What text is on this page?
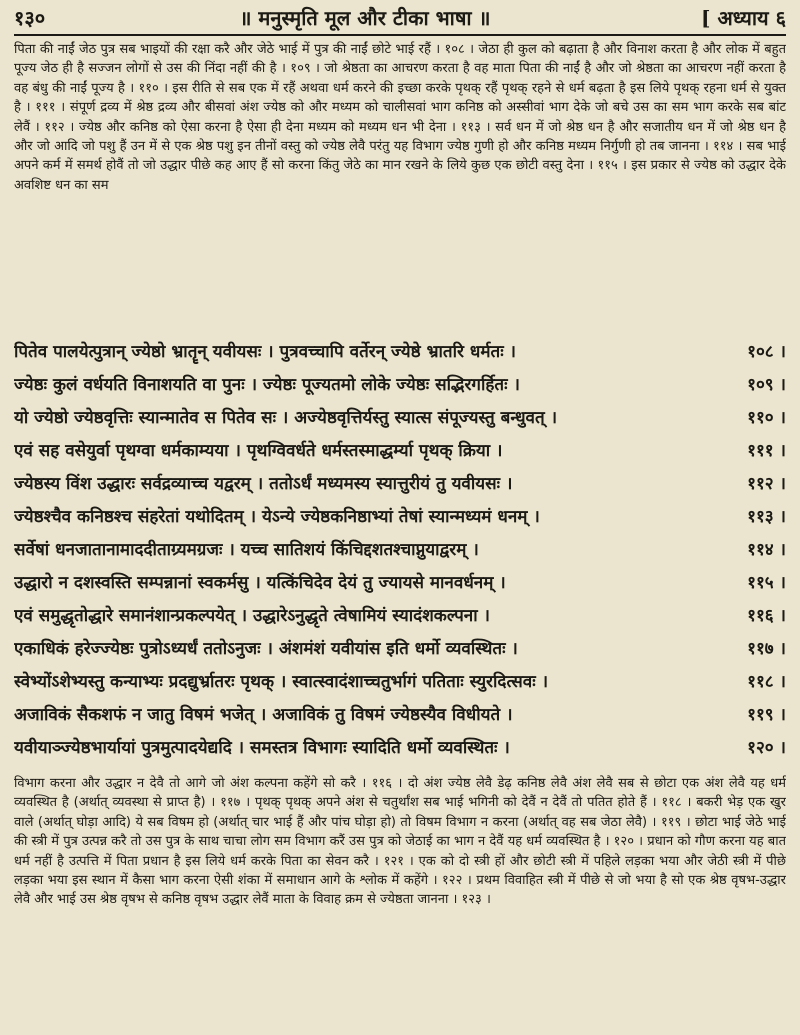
१३०	॥ मनुस्मृति मूल और टीका भाषा ॥	[ अध्याय ६
पिता की नाईं जेठ पुत्र सब भाइयों की रक्षा करै और जेठे भाई में पुत्र की नाईं छोटे भाई रहैं । १०८ । जेठा ही कुल को बढ़ाता है और विनाश करता है और लोक में बहुत पूज्य जेठ ही है सज्जन लोगों से उस की निंदा नहीं की है । १०९ । जो श्रेष्ठता का आचरण करता है वह माता पिता की नाईं है और जो श्रेष्ठता का आचरण नहीं करता है वह बंधु की नाईं पूज्य है । ११० । इस रीति से सब एक में रहैं अथवा धर्म करने की इच्छा करके पृथक् रहैं पृथक् रहने से धर्म बढ़ता है इस लिये पृथक् रहना धर्म से युक्त है । १११ । संपूर्ण द्रव्य में श्रेष्ठ द्रव्य और बीसवां अंश ज्येष्ठ को और मध्यम को चालीसवां भाग कनिष्ठ को अस्सीवां भाग देके जो बचे उस का सम भाग करके सब बांट लेवैं । ११२ । ज्येष्ठ और कनिष्ठ को ऐसा करना है ऐसा ही देना मध्यम को मध्यम धन भी देना । ११३ । सर्व धन में जो श्रेष्ठ धन है और सजातीय धन में जो श्रेष्ठ धन है और जो आदि जो पशु हैं उन में से एक श्रेष्ठ पशु इन तीनों वस्तु को ज्येष्ठ लेवै परंतु यह विभाग ज्येष्ठ गुणी हो और कनिष्ठ मध्यम निर्गुणी हो तब जानना । ११४ । सब भाई अपने कर्म में समर्थ होवैं तो जो उद्धार पीछे कह आए हैं सो करना किंतु जेठे का मान रखने के लिये कुछ एक छोटी वस्तु देना । ११५ । इस प्रकार से ज्येष्ठ को उद्धार देके अवशिष्ट धन का सम
पितेव पालयेत्पुत्रान् ज्येष्ठो भ्रातॄन् यवीयसः । पुत्रवच्चापि वर्तेरन् ज्येष्ठे भ्रातरि धर्मतः ।	१०८ ।
ज्येष्ठः कुलं वर्धयति विनाशयति वा पुनः । ज्येष्ठः पूज्यतमो लोके ज्येष्ठः सद्भिरगर्हितः ।	१०९ ।
यो ज्येष्ठो ज्येष्ठवृत्तिः स्यान्मातेव स पितेव सः । अज्येष्ठवृत्तिर्यस्तु स्यात्स संपूज्यस्तु बन्धुवत् ।	११० ।
एवं सह वसेयुर्वा पृथग्वा धर्मकाम्यया । पृथग्विवर्धते धर्मस्तस्माद्धर्म्या पृथक् क्रिया ।	१११ ।
ज्येष्ठस्य विंश उद्धारः सर्वद्रव्याच्च यद्वरम् । ततोऽर्धं मध्यमस्य स्यात्तुरीयं तु यवीयसः ।	११२ ।
ज्येष्ठश्चैव कनिष्ठश्च संहरेतां यथोदितम् । येऽन्ये ज्येष्ठकनिष्ठाभ्यां तेषां स्यान्मध्यमं धनम् ।	११३ ।
सर्वेषां धनजातानामाददीताग्र्यमग्रजः । यच्च सातिशयं किंचिद्दशतश्चाप्नुयाद्वरम् ।	११४ ।
उद्धारो न दशस्वस्ति सम्पन्नानां स्वकर्मसु । यत्किंचिदेव देयं तु ज्यायसे मानवर्धनम् ।	११५ ।
एवं समुद्धृतोद्धारे समानंशान्प्रकल्पयेत् । उद्धारेऽनुद्धृते त्वेषामियं स्यादंशकल्पना ।	११६ ।
एकाधिकं हरेज्ज्येष्ठः पुत्रोऽध्यर्धं ततोऽनुजः । अंशमंशं यवीयांस इति धर्मो व्यवस्थितः ।	११७ ।
स्वेभ्योंऽशेभ्यस्तु कन्याभ्यः प्रदद्युर्भ्रातरः पृथक् । स्वात्स्वादंशाच्चतुर्भागं पतिताः स्युरदित्सवः ।	११८ ।
अजाविकं सैकशफं न जातु विषमं भजेत् । अजाविकं तु विषमं ज्येष्ठस्यैव विधीयते ।	११९ ।
यवीयाञ्ज्येष्ठभार्यायां पुत्रमुत्पादयेद्यदि । समस्तत्र विभागः स्यादिति धर्मो व्यवस्थितः ।	१२० ।
विभाग करना और उद्धार न देवै तो आगे जो अंश कल्पना कहेंगे सो करै । ११६ । दो अंश ज्येष्ठ लेवै डेढ़ कनिष्ठ लेवै अंश लेवै सब से छोटा एक अंश लेवै यह धर्म व्यवस्थित है (अर्थात् व्यवस्था से प्राप्त है) । ११७ । पृथक् पृथक् अपने अंश से चतुर्थांश सब भाई भगिनी को देवैं न देवैं तो पतित होते हैं । ११८ । बकरी भेड़ एक खुर वाले (अर्थात् घोड़ा आदि) ये सब विषम हो (अर्थात् चार भाई हैं और पांच घोड़ा हो) तो विषम विभाग न करना (अर्थात् वह सब जेठा लेवै) । ११९ । छोटा भाई जेठे भाई की स्त्री में पुत्र उत्पन्न करै तो उस पुत्र के साथ चाचा लोग सम विभाग करैं उस पुत्र को जेठाई का भाग न देवैं यह धर्म व्यवस्थित है । १२० । प्रधान को गौण करना यह बात धर्म नहीं है उत्पत्ति में पिता प्रधान है इस लिये धर्म करके पिता का सेवन करै । १२१ । एक को दो स्त्री हों और छोटी स्त्री में पहिले लड़का भया और जेठी स्त्री में पीछे लड़का भया इस स्थान में कैसा भाग करना ऐसी शंका में समाधान आगे के श्लोक में कहेंगे । १२२ । प्रथम विवाहित स्त्री में पीछे से जो भया है सो एक श्रेष्ठ वृषभ-उद्धार लेवै और भाई उस श्रेष्ठ वृषभ से कनिष्ठ वृषभ उद्धार लेवैं माता के विवाह क्रम से ज्येष्ठता जानना । १२३ ।
